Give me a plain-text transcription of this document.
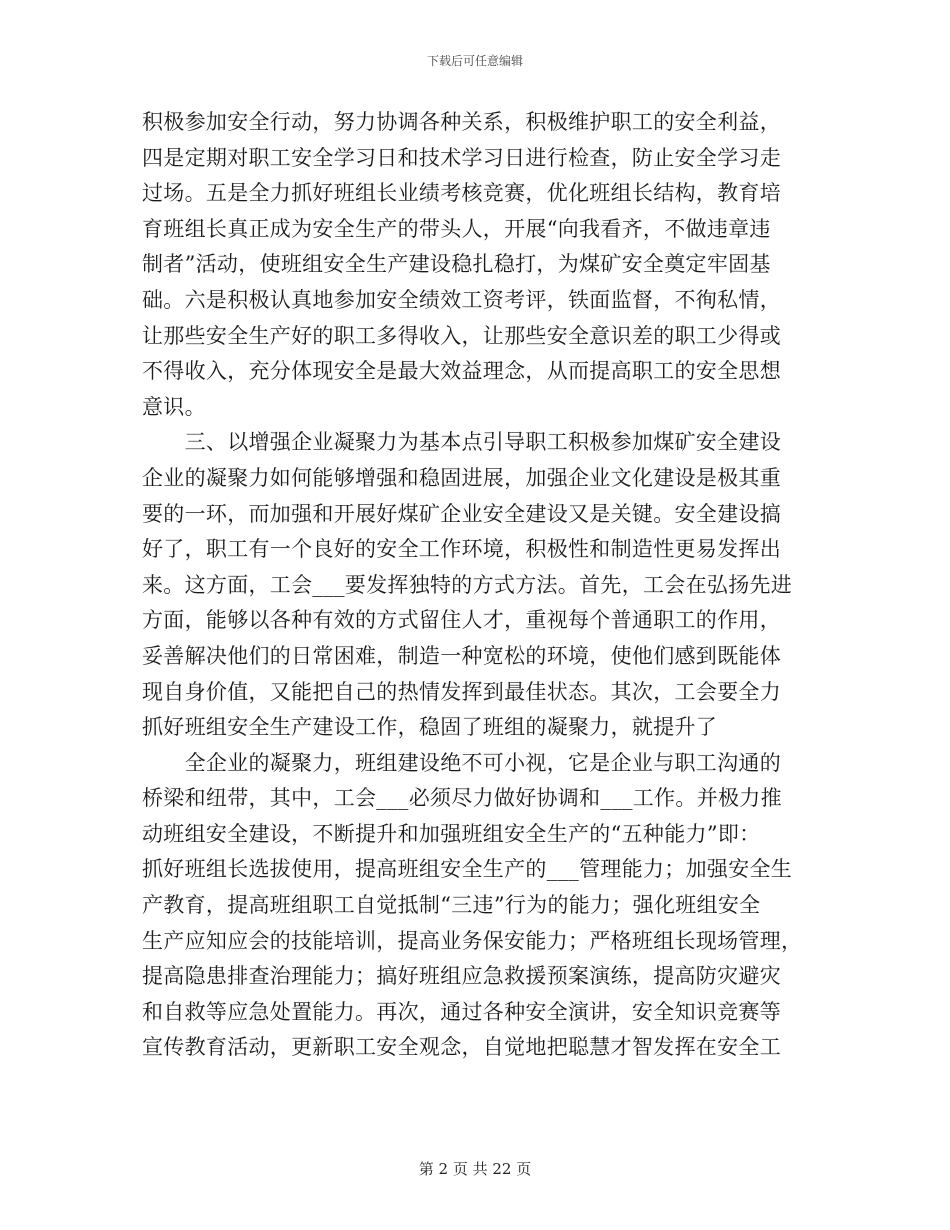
下载后可任意编辑

积极参加安全行动，努力协调各种关系，积极维护职工的安全利益，
四是定期对职工安全学习日和技术学习日进行检查，防止安全学习走
过场。五是全力抓好班组长业绩考核竞赛，优化班组长结构，教育培
育班组长真正成为安全生产的带头人，开展“向我看齐，不做违章违
制者”活动，使班组安全生产建设稳扎稳打，为煤矿安全奠定牢固基
础。六是积极认真地参加安全绩效工资考评，铁面监督，不徇私情，
让那些安全生产好的职工多得收入，让那些安全意识差的职工少得或
不得收入，充分体现安全是最大效益理念，从而提高职工的安全思想
意识。

　　三、以增强企业凝聚力为基本点引导职工积极参加煤矿安全建设
企业的凝聚力如何能够增强和稳固进展，加强企业文化建设是极其重
要的一环，而加强和开展好煤矿企业安全建设又是关键。安全建设搞
好了，职工有一个良好的安全工作环境，积极性和制造性更易发挥出
来。这方面，工会___要发挥独特的方式方法。首先，工会在弘扬先进
方面，能够以各种有效的方式留住人才，重视每个普通职工的作用，
妥善解决他们的日常困难，制造一种宽松的环境，使他们感到既能体
现自身价值，又能把自己的热情发挥到最佳状态。其次，工会要全力
抓好班组安全生产建设工作，稳固了班组的凝聚力，就提升了

　　全企业的凝聚力，班组建设绝不可小视，它是企业与职工沟通的
桥梁和纽带，其中，工会___必须尽力做好协调和___工作。并极力推
动班组安全建设，不断提升和加强班组安全生产的“五种能力”即：
抓好班组长选拔使用，提高班组安全生产的___管理能力；加强安全生
产教育，提高班组职工自觉抵制“三违”行为的能力；强化班组安全
生产应知应会的技能培训，提高业务保安能力；严格班组长现场管理，
提高隐患排查治理能力；搞好班组应急救援预案演练，提高防灾避灾
和自救等应急处置能力。再次，通过各种安全演讲，安全知识竞赛等
宣传教育活动，更新职工安全观念，自觉地把聪慧才智发挥在安全工

第 2 页 共 22 页
